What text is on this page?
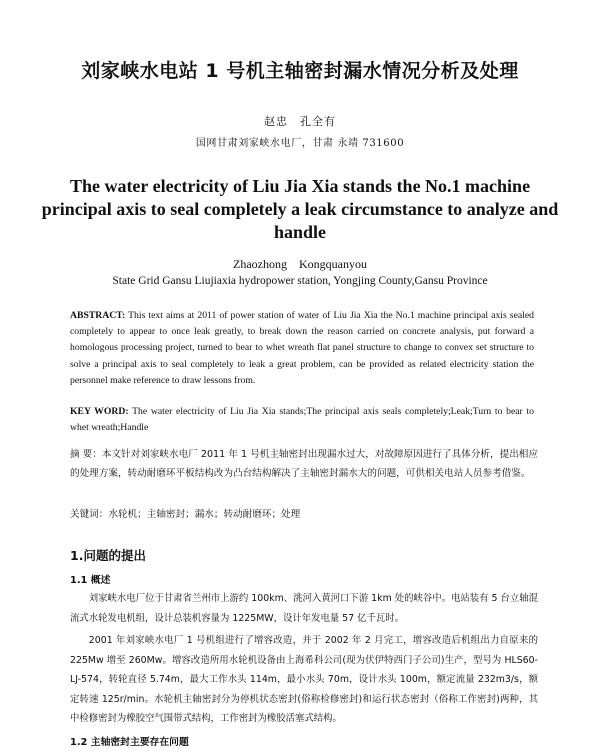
刘家峡水电站 1 号机主轴密封漏水情况分析及处理
赵忠　孔全有
国网甘肃刘家峡水电厂，甘肃 永靖 731600
The water electricity of Liu Jia Xia stands the No.1 machine principal axis to seal completely a leak circumstance to analyze and handle
Zhaozhong　Kongquanyou
State Grid Gansu Liujiaxia hydropower station, Yongjing County,Gansu Province
ABSTRACT: This text aims at 2011 of power station of water of Liu Jia Xia the No.1 machine principal axis sealed completely to appear to once leak greatly, to break down the reason carried on concrete analysis, put forward a homologous processing project, turned to bear to whet wreath flat panel structure to change to convex set structure to solve a principal axis to seal completely to leak a great problem, can be provided as related electricity station the personnel make reference to draw lessons from.
KEY WORD: The water electricity of Liu Jia Xia stands;The principal axis seals completely;Leak;Turn to bear to whet wreath;Handle
摘 要：本文针对刘家峡水电厂 2011 年 1 号机主轴密封出现漏水过大，对故障原因进行了具体分析，提出相应的处理方案，转动耐磨环平板结构改为凸台结构解决了主轴密封漏水大的问题，可供相关电站人员参考借鉴。
关键词：水轮机；主轴密封；漏水；转动耐磨环；处理
1.问题的提出
1.1 概述
刘家峡水电厂位于甘肃省兰州市上游约 100km、洮河入黄河口下游 1km 处的峡谷中。电站装有 5 台立轴混流式水轮发电机组，设计总装机容量为 1225MW，设计年发电量 57 亿千瓦时。
2001 年刘家峡水电厂 1 号机组进行了增容改造，并于 2002 年 2 月完工，增容改造后机组出力自原来的 225Mw 增至 260Mw。增容改造所用水轮机设备由上海希科公司(现为伏伊特西门子公司)生产，型号为 HLS60-LJ-574，转轮直径 5.74m，最大工作水头 114m，最小水头 70m，设计水头 100m，额定流量 232m3/s，额定转速 125r/min。水轮机主轴密封分为停机状态密封(俗称检修密封)和运行状态密封（俗称工作密封)两种，其中检修密封为橡胶空气围带式结构，工作密封为橡胶活塞式结构。
1.2 主轴密封主要存在问题
